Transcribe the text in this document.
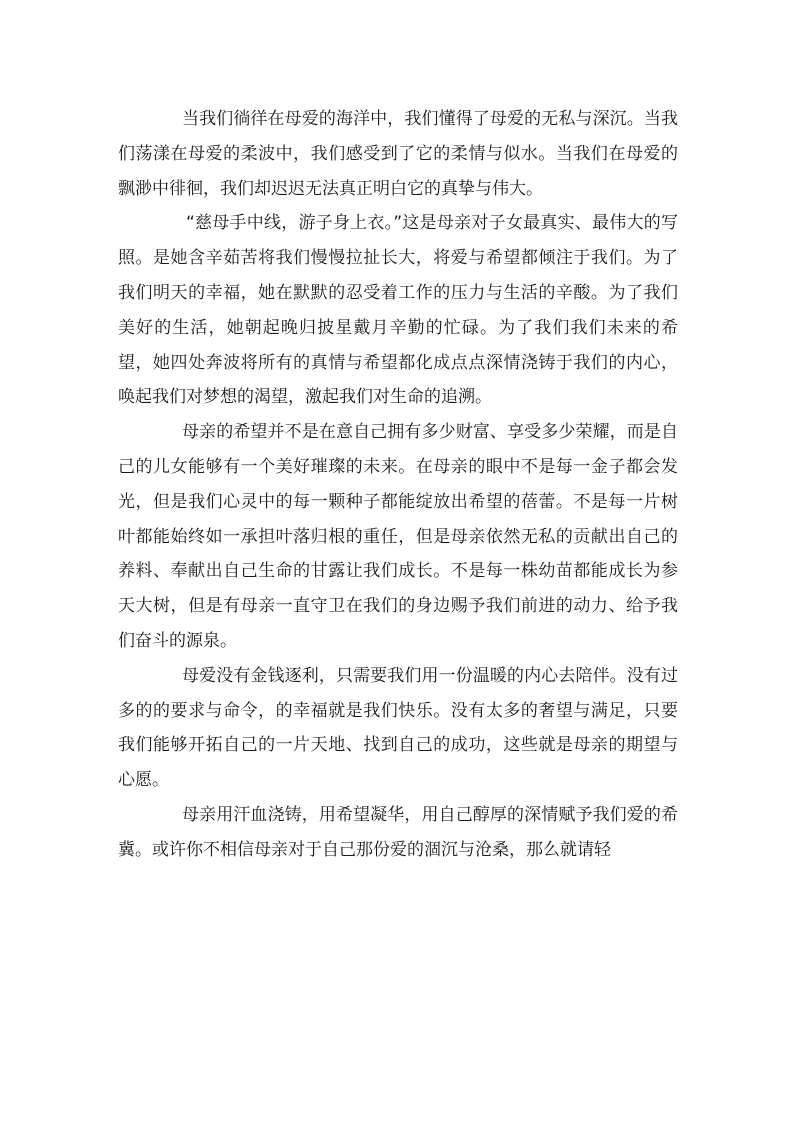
当我们徜徉在母爱的海洋中，我们懂得了母爱的无私与深沉。当我们荡漾在母爱的柔波中，我们感受到了它的柔情与似水。当我们在母爱的飘渺中徘徊，我们却迟迟无法真正明白它的真挚与伟大。

“慈母手中线，游子身上衣。”这是母亲对子女最真实、最伟大的写照。是她含辛茹苦将我们慢慢拉扯长大，将爱与希望都倾注于我们。为了我们明天的幸福，她在默默的忍受着工作的压力与生活的辛酸。为了我们美好的生活，她朝起晚归披星戴月辛勤的忙碌。为了我们我们未来的希望，她四处奔波将所有的真情与希望都化成点点深情浇铸于我们的内心，唤起我们对梦想的渴望，激起我们对生命的追溯。

母亲的希望并不是在意自己拥有多少财富、享受多少荣耀，而是自己的儿女能够有一个美好璀璨的未来。在母亲的眼中不是每一金子都会发光，但是我们心灵中的每一颗种子都能绽放出希望的蓓蕾。不是每一片树叶都能始终如一承担叶落归根的重任，但是母亲依然无私的贡献出自己的养料、奉献出自己生命的甘露让我们成长。不是每一株幼苗都能成长为参天大树，但是有母亲一直守卫在我们的身边赐予我们前进的动力、给予我们奋斗的源泉。

母爱没有金钱逐利，只需要我们用一份温暖的内心去陪伴。没有过多的的要求与命令，的幸福就是我们快乐。没有太多的奢望与满足，只要我们能够开拓自己的一片天地、找到自己的成功，这些就是母亲的期望与心愿。

母亲用汗血浇铸，用希望凝华，用自己醇厚的深情赋予我们爱的希冀。或许你不相信母亲对于自己那份爱的涸沉与沧桑，那么就请轻
